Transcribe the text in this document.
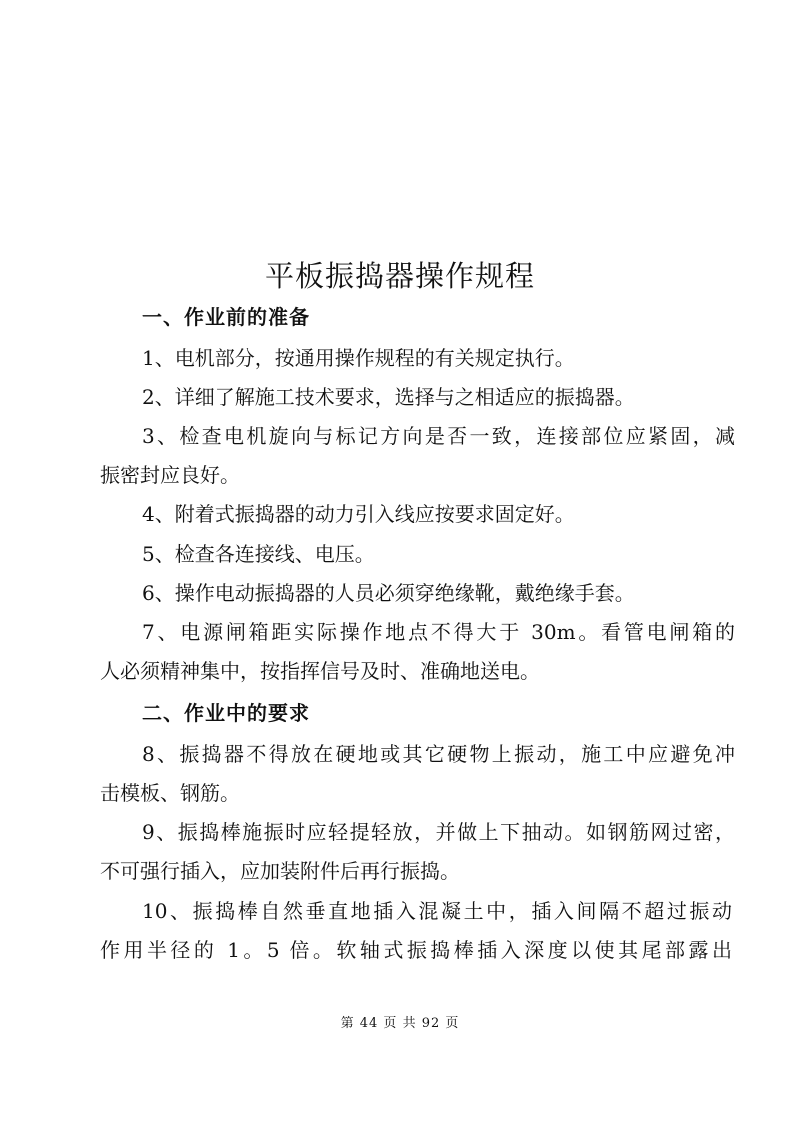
平板振捣器操作规程
一、作业前的准备
1、电机部分，按通用操作规程的有关规定执行。
2、详细了解施工技术要求，选择与之相适应的振捣器。
3、检查电机旋向与标记方向是否一致，连接部位应紧固，减
振密封应良好。
4、附着式振捣器的动力引入线应按要求固定好。
5、检查各连接线、电压。
6、操作电动振捣器的人员必须穿绝缘靴，戴绝缘手套。
7、电源闸箱距实际操作地点不得大于 30m。看管电闸箱的
人必须精神集中，按指挥信号及时、准确地送电。
二、作业中的要求
8、振捣器不得放在硬地或其它硬物上振动，施工中应避免冲
击模板、钢筋。
9、振捣棒施振时应轻提轻放，并做上下抽动。如钢筋网过密，
不可强行插入，应加装附件后再行振捣。
10、振捣棒自然垂直地插入混凝土中，插入间隔不超过振动
作用半径的 1。5 倍。软轴式振捣棒插入深度以使其尾部露出
第 44 页 共 92 页
